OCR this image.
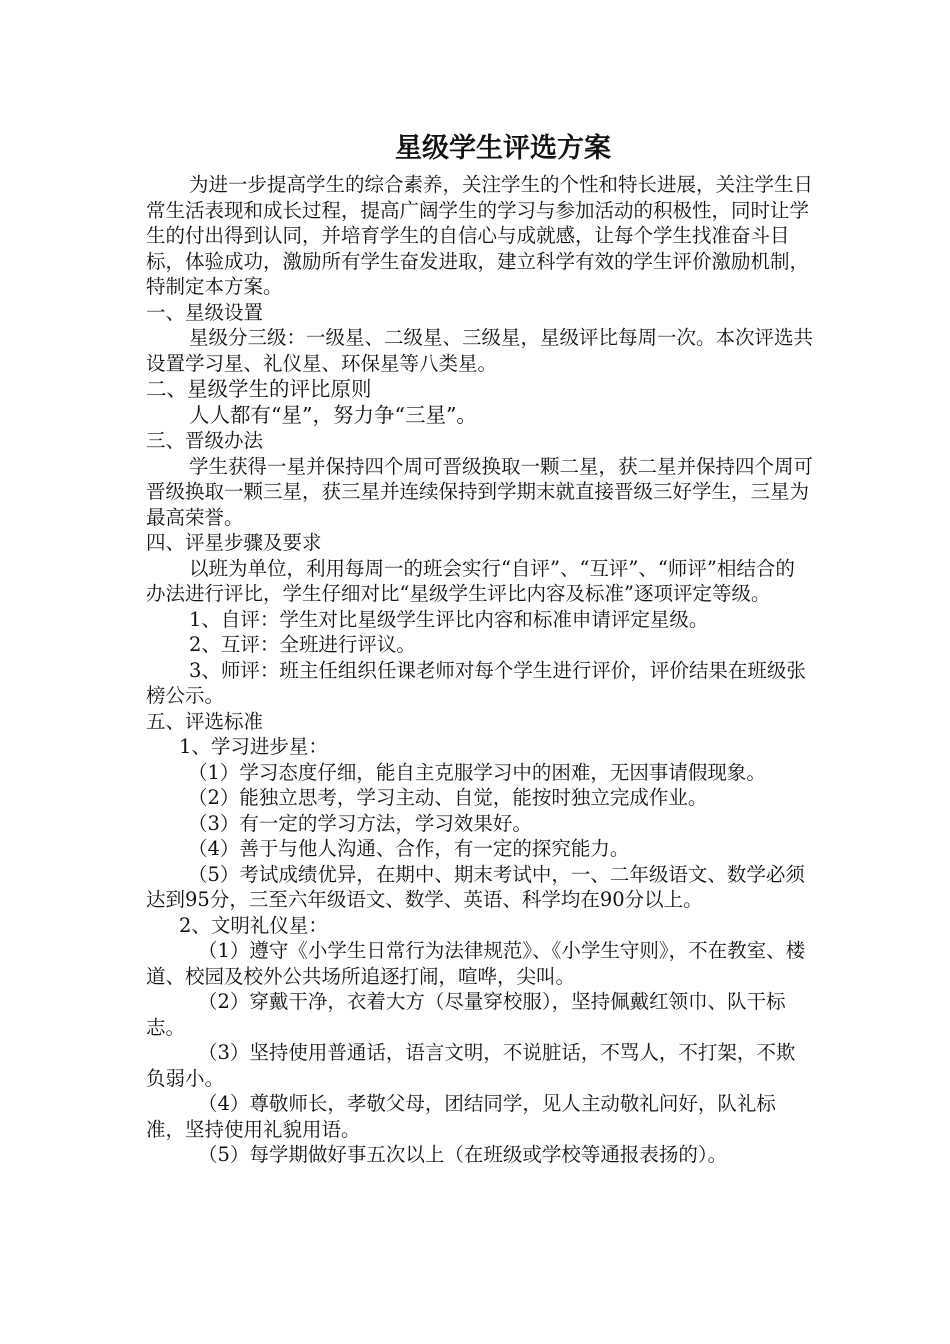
星级学生评选方案

为进一步提高学生的综合素养，关注学生的个性和特长进展，关注学生日常生活表现和成长过程，提高广阔学生的学习与参加活动的积极性，同时让学生的付出得到认同，并培育学生的自信心与成就感，让每个学生找准奋斗目标，体验成功，激励所有学生奋发进取，建立科学有效的学生评价激励机制，特制定本方案。

一、星级设置

星级分三级：一级星、二级星、三级星，星级评比每周一次。本次评选共设置学习星、礼仪星、环保星等八类星。

二、星级学生的评比原则

人人都有“星”，努力争“三星”。

三、晋级办法

学生获得一星并保持四个周可晋级换取一颗二星，获二星并保持四个周可晋级换取一颗三星，获三星并连续保持到学期末就直接晋级三好学生，三星为最高荣誉。

四、评星步骤及要求

以班为单位，利用每周一的班会实行“自评”、“互评”、“师评”相结合的办法进行评比，学生仔细对比“星级学生评比内容及标准”逐项评定等级。

1、自评：学生对比星级学生评比内容和标准申请评定星级。

2、互评：全班进行评议。

3、师评：班主任组织任课老师对每个学生进行评价，评价结果在班级张榜公示。

五、评选标准

1、学习进步星：

（1）学习态度仔细，能自主克服学习中的困难，无因事请假现象。

（2）能独立思考，学习主动、自觉，能按时独立完成作业。

（3）有一定的学习方法，学习效果好。

（4）善于与他人沟通、合作，有一定的探究能力。

（5）考试成绩优异，在期中、期末考试中，一、二年级语文、数学必须达到95分，三至六年级语文、数学、英语、科学均在90分以上。

2、文明礼仪星：

（1）遵守《小学生日常行为法律规范》、《小学生守则》，不在教室、楼道、校园及校外公共场所追逐打闹，喧哗，尖叫。

（2）穿戴干净，衣着大方（尽量穿校服），坚持佩戴红领巾、队干标志。

（3）坚持使用普通话，语言文明，不说脏话，不骂人，不打架，不欺负弱小。

（4）尊敬师长，孝敬父母，团结同学，见人主动敬礼问好，队礼标准，坚持使用礼貌用语。

（5）每学期做好事五次以上（在班级或学校等通报表扬的）。
